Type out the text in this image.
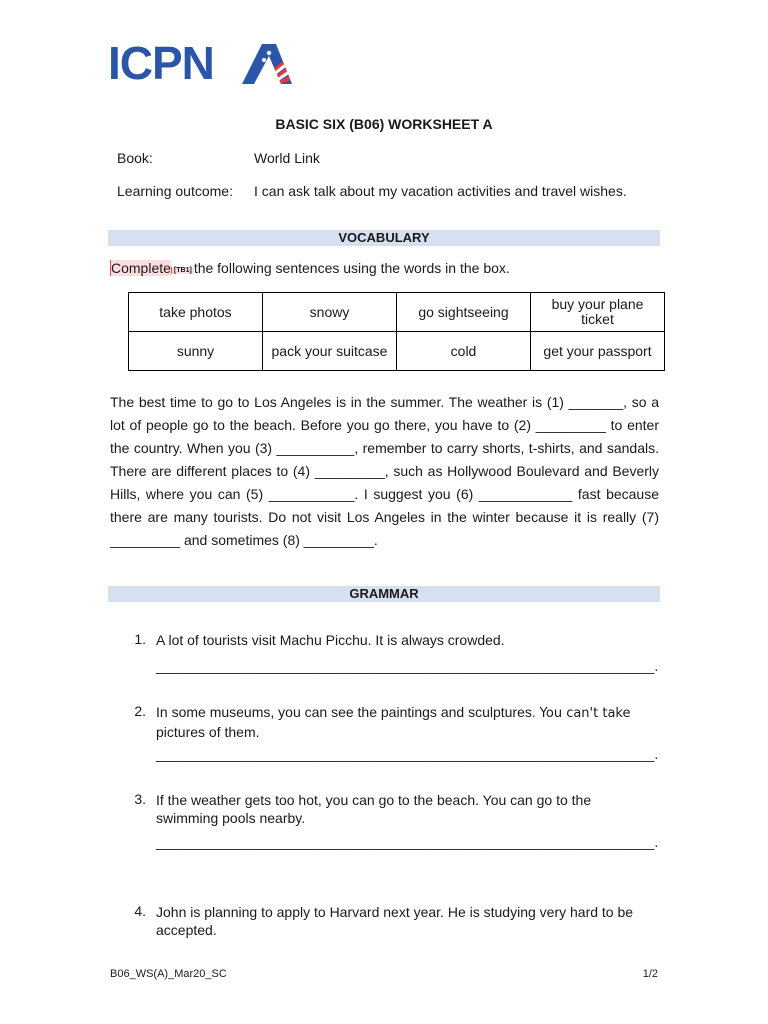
ICPN
BASIC SIX (B06) WORKSHEET A
Book:	World Link
Learning outcome: I can ask talk about my vacation activities and travel wishes.
VOCABULARY
Complete [TB1] the following sentences using the words in the box.
take photos	snowy	go sightseeing	buy your plane ticket
sunny	pack your suitcase	cold	get your passport

The best time to go to Los Angeles is in the summer. The weather is (1) _______, so a lot of people go to the beach. Before you go there, you have to (2) _________ to enter the country. When you (3) __________, remember to carry shorts, t-shirts, and sandals. There are different places to (4) _________, such as Hollywood Boulevard and Beverly Hills, where you can (5) ___________. I suggest you (6) ____________ fast because there are many tourists. Do not visit Los Angeles in the winter because it is really (7) _________ and sometimes (8) _________.

GRAMMAR
1. A lot of tourists visit Machu Picchu. It is always crowded.
________________________________________________________________.
2. In some museums, you can see the paintings and sculptures. You can't take pictures of them.
________________________________________________________________.
3. If the weather gets too hot, you can go to the beach. You can go to the swimming pools nearby.
________________________________________________________________.
4. John is planning to apply to Harvard next year. He is studying very hard to be accepted.
B06_WS(A)_Mar20_SC	1/2
